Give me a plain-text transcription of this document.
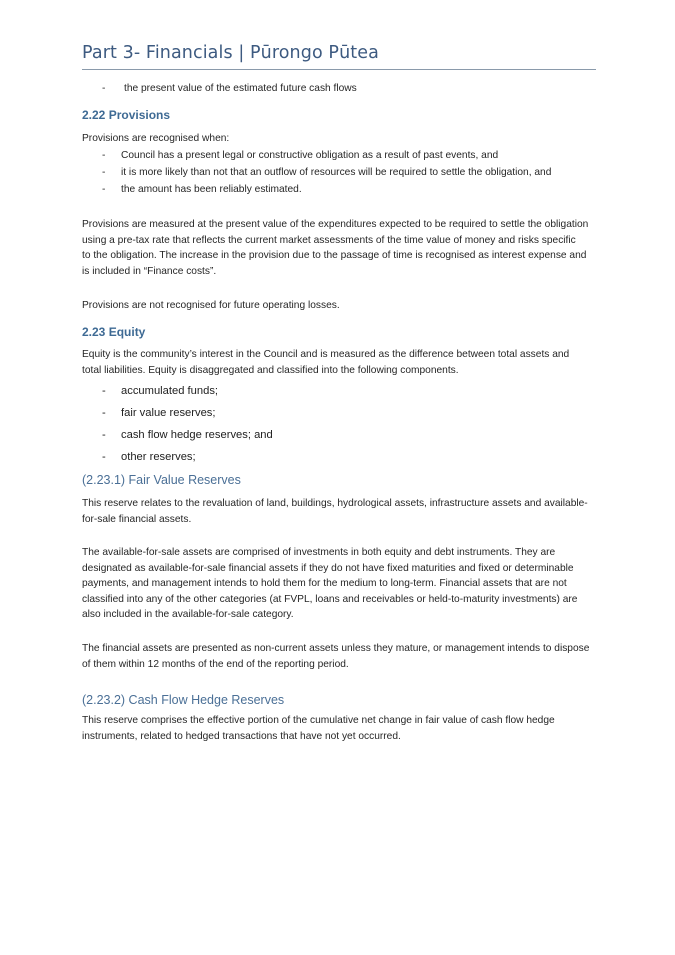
Part 3- Financials | Pūrongo Pūtea
- the present value of the estimated future cash flows
2.22 Provisions
Provisions are recognised when:
- Council has a present legal or constructive obligation as a result of past events, and
- it is more likely than not that an outflow of resources will be required to settle the obligation, and
- the amount has been reliably estimated.
Provisions are measured at the present value of the expenditures expected to be required to settle the obligation
using a pre-tax rate that reflects the current market assessments of the time value of money and risks specific
to the obligation. The increase in the provision due to the passage of time is recognised as interest expense and
is included in “Finance costs”.
Provisions are not recognised for future operating losses.
2.23 Equity
Equity is the community’s interest in the Council and is measured as the difference between total assets and
total liabilities. Equity is disaggregated and classified into the following components.
- accumulated funds;
- fair value reserves;
- cash flow hedge reserves; and
- other reserves;
(2.23.1) Fair Value Reserves
This reserve relates to the revaluation of land, buildings, hydrological assets, infrastructure assets and available-
for-sale financial assets.
The available-for-sale assets are comprised of investments in both equity and debt instruments. They are
designated as available-for-sale financial assets if they do not have fixed maturities and fixed or determinable
payments, and management intends to hold them for the medium to long-term. Financial assets that are not
classified into any of the other categories (at FVPL, loans and receivables or held-to-maturity investments) are
also included in the available-for-sale category.
The financial assets are presented as non-current assets unless they mature, or management intends to dispose
of them within 12 months of the end of the reporting period.
(2.23.2) Cash Flow Hedge Reserves
This reserve comprises the effective portion of the cumulative net change in fair value of cash flow hedge
instruments, related to hedged transactions that have not yet occurred.
